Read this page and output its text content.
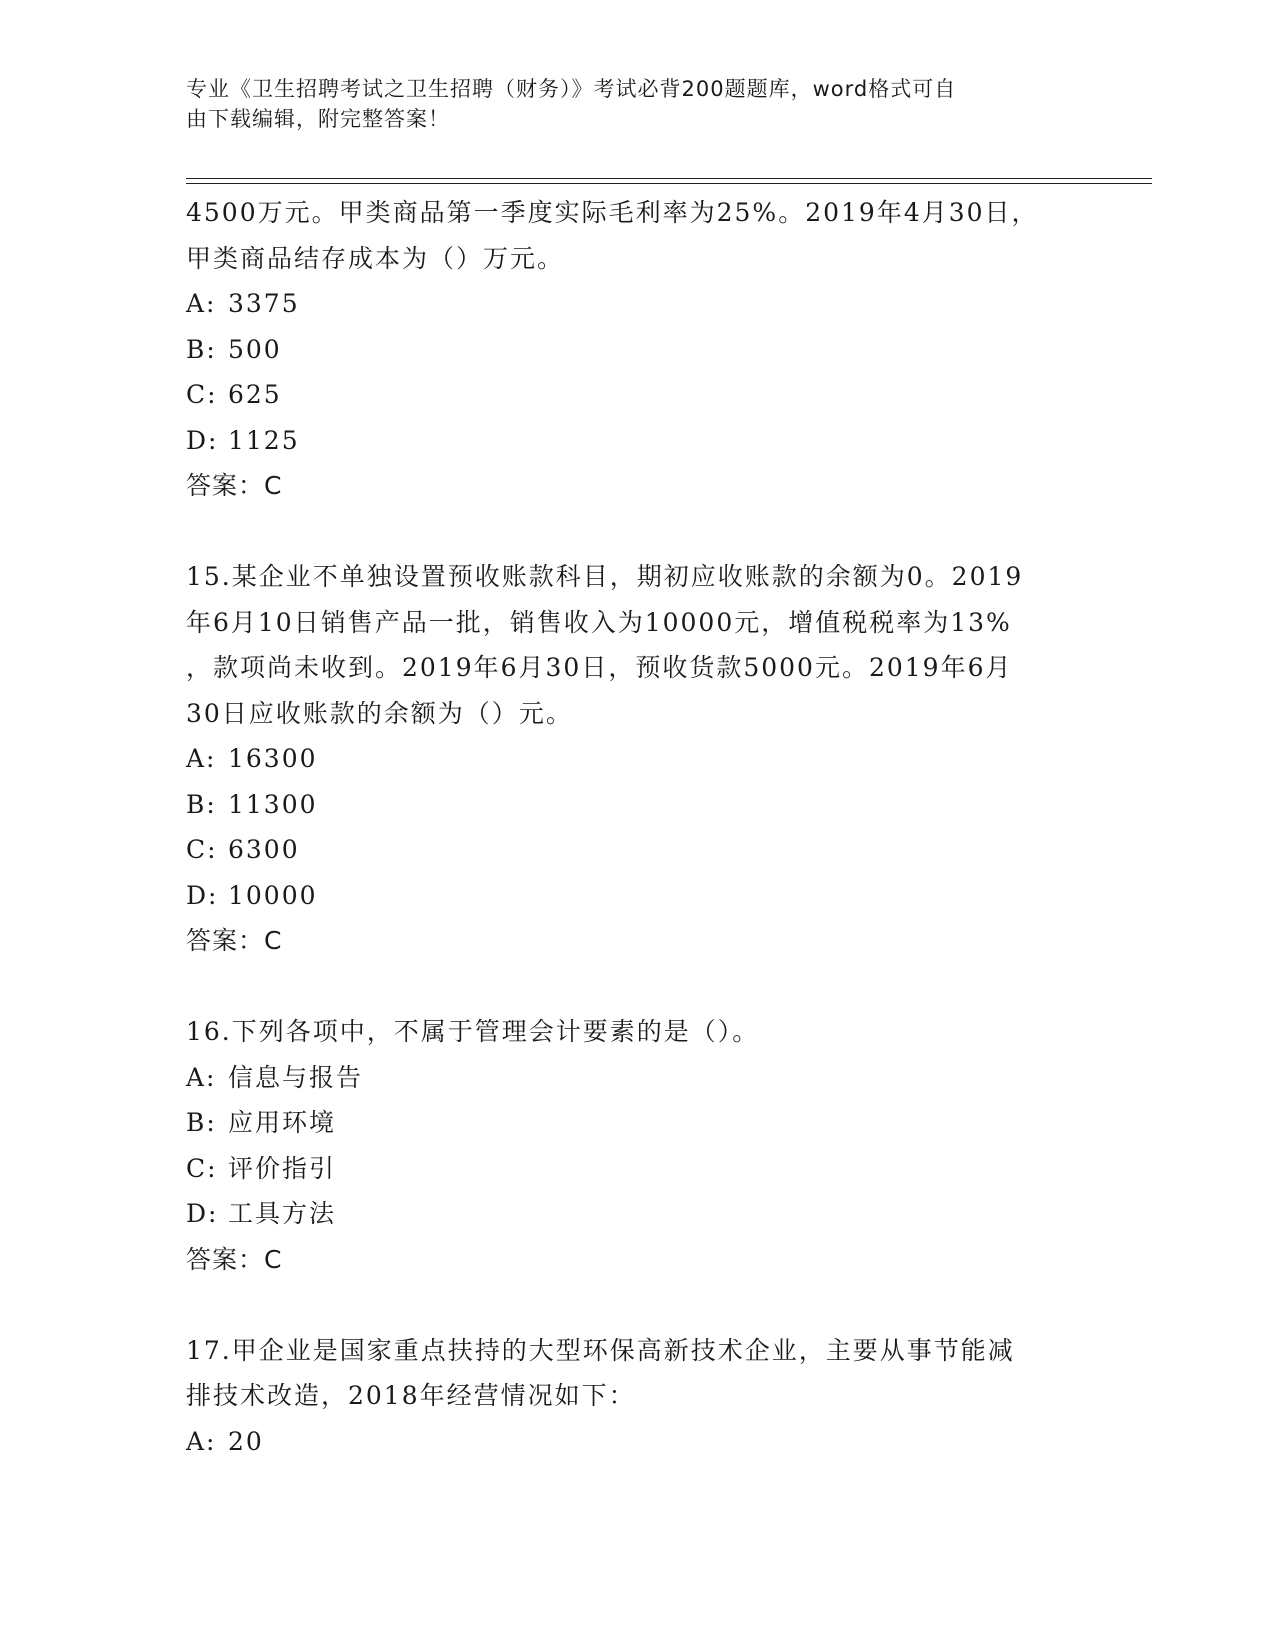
专业《卫生招聘考试之卫生招聘（财务）》考试必背200题题库，word格式可自
由下载编辑，附完整答案！
4500万元。甲类商品第一季度实际毛利率为25%。2019年4月30日，
甲类商品结存成本为（）万元。
A: 3375
B: 500
C: 625
D: 1125
答案：C
15.某企业不单独设置预收账款科目，期初应收账款的余额为0。2019
年6月10日销售产品一批，销售收入为10000元，增值税税率为13%
，款项尚未收到。2019年6月30日，预收货款5000元。2019年6月
30日应收账款的余额为（）元。
A: 16300
B: 11300
C: 6300
D: 10000
答案：C
16.下列各项中，不属于管理会计要素的是（）。
A: 信息与报告
B: 应用环境
C: 评价指引
D: 工具方法
答案：C
17.甲企业是国家重点扶持的大型环保高新技术企业，主要从事节能减
排技术改造，2018年经营情况如下：
A: 20
